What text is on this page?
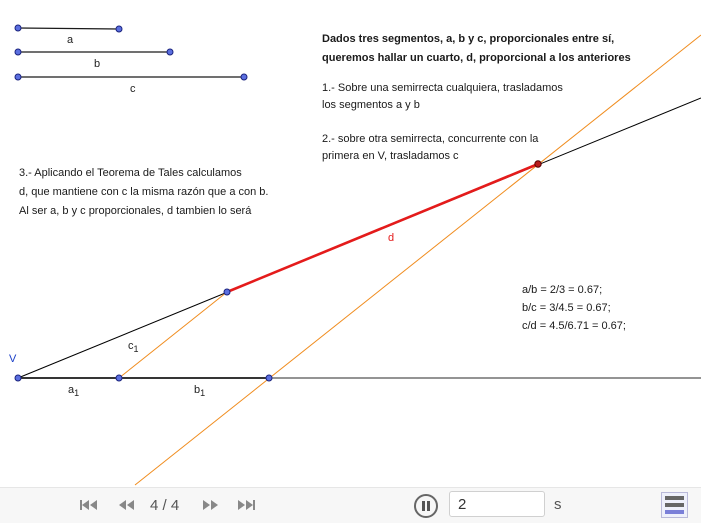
a
b
c
V
$a_1$	$b_1$
$c_1$
d
Dados tres segmentos, a, b y c, proporcionales entre sí,
queremos hallar un cuarto, d, proporcional a los anteriores
1.- Sobre una semirrecta cualquiera, trasladamos
los segmentos a y b
2.- sobre otra semirrecta, concurrente con la
primera en V, trasladamos c
3.- Aplicando el Teorema de Tales calculamos
d, que mantiene con c la misma razón que a con b.
Al ser a, b y c proporcionales, d tambien lo será
a/b = 2/3 = 0.67;
b/c = 3/4.5 = 0.67;
c/d = 4.5/6.71 = 0.67;
4 / 4
2	s
